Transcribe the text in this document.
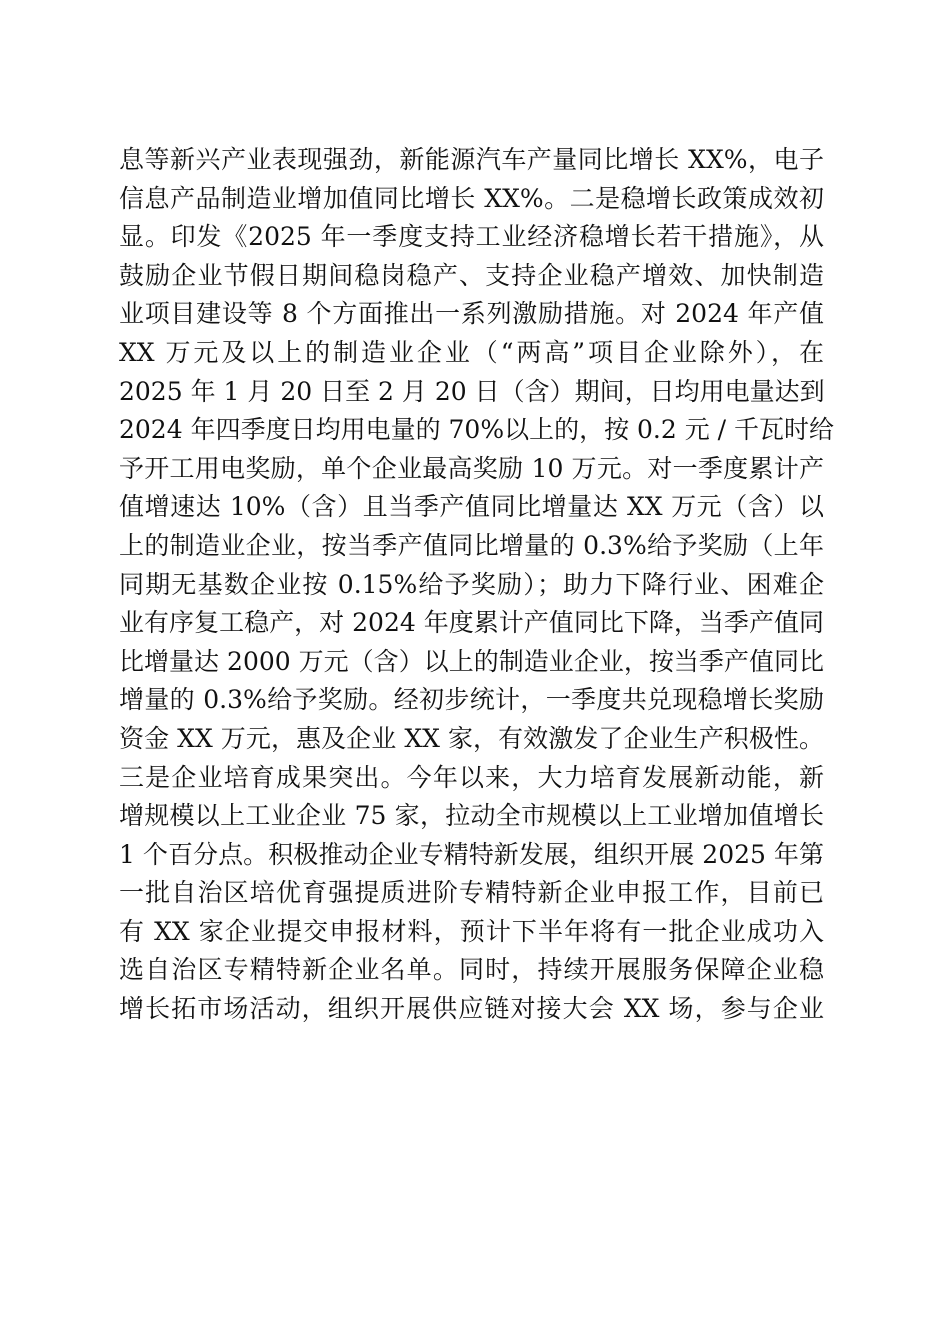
息等新兴产业表现强劲，新能源汽车产量同比增长 XX%，电子
信息产品制造业增加值同比增长 XX%。二是稳增长政策成效初
显。印发《2025 年一季度支持工业经济稳增长若干措施》，从
鼓励企业节假日期间稳岗稳产、支持企业稳产增效、加快制造
业项目建设等 8 个方面推出一系列激励措施。对 2024 年产值
XX 万元及以上的制造业企业（“两高”项目企业除外），在
2025 年 1 月 20 日至 2 月 20 日（含）期间，日均用电量达到
2024 年四季度日均用电量的 70%以上的，按 0.2 元 / 千瓦时给
予开工用电奖励，单个企业最高奖励 10 万元。对一季度累计产
值增速达 10%（含）且当季产值同比增量达 XX 万元（含）以
上的制造业企业，按当季产值同比增量的 0.3%给予奖励（上年
同期无基数企业按 0.15%给予奖励）；助力下降行业、困难企
业有序复工稳产，对 2024 年度累计产值同比下降，当季产值同
比增量达 2000 万元（含）以上的制造业企业，按当季产值同比
增量的 0.3%给予奖励。经初步统计，一季度共兑现稳增长奖励
资金 XX 万元，惠及企业 XX 家，有效激发了企业生产积极性。
三是企业培育成果突出。今年以来，大力培育发展新动能，新
增规模以上工业企业 75 家，拉动全市规模以上工业增加值增长
1 个百分点。积极推动企业专精特新发展，组织开展 2025 年第
一批自治区培优育强提质进阶专精特新企业申报工作，目前已
有 XX 家企业提交申报材料，预计下半年将有一批企业成功入
选自治区专精特新企业名单。同时，持续开展服务保障企业稳
增长拓市场活动，组织开展供应链对接大会 XX 场，参与企业
